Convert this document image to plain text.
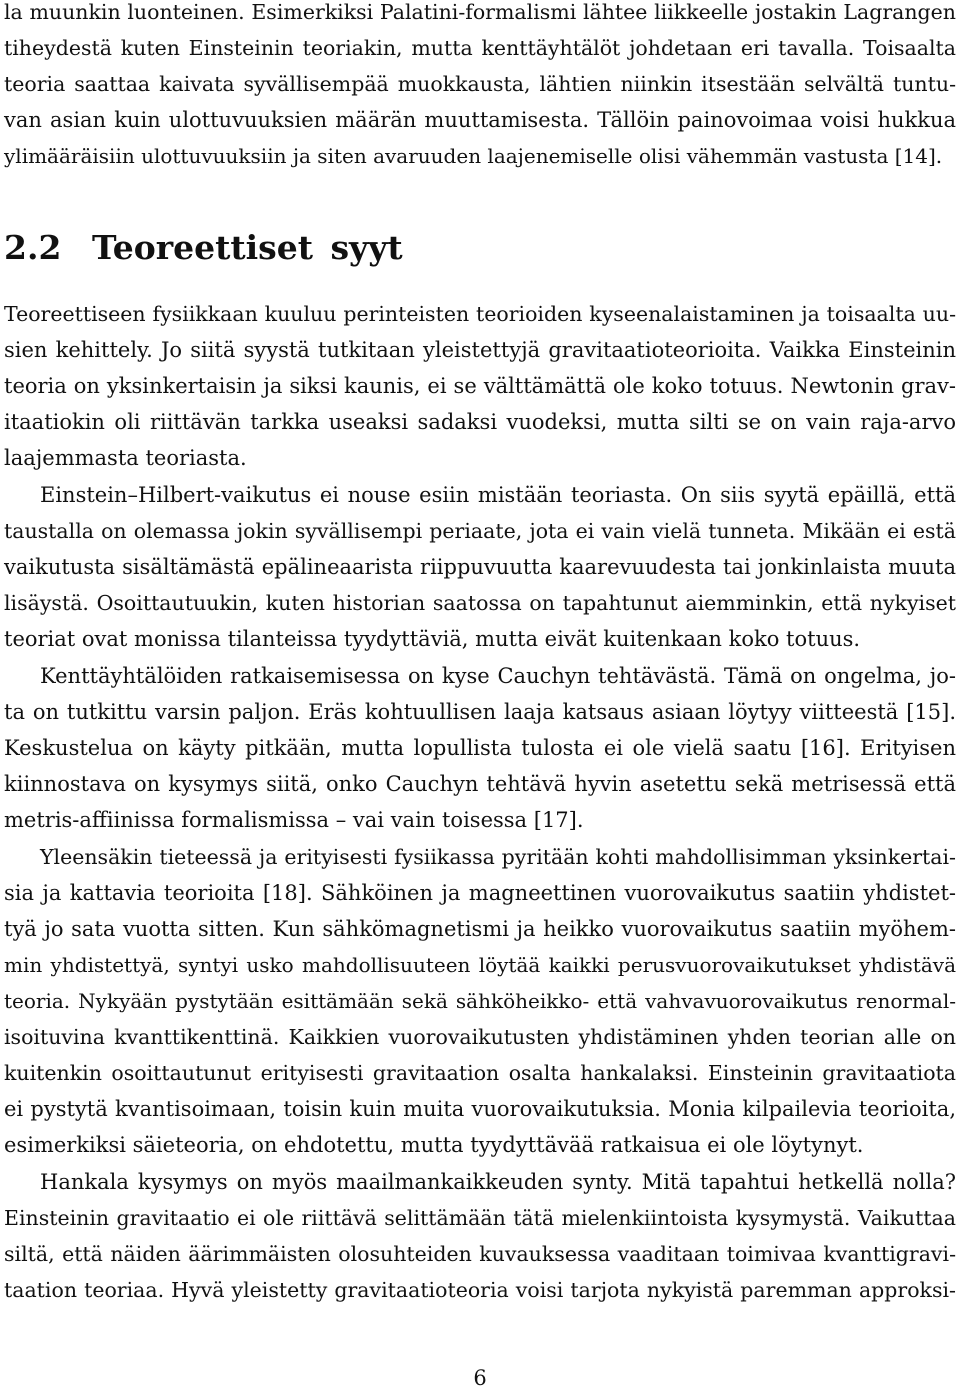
la muunkin luonteinen. Esimerkiksi Palatini-formalismi lähtee liikkeelle jostakin Lagrangen
tiheydestä kuten Einsteinin teoriakin, mutta kenttäyhtälöt johdetaan eri tavalla. Toisaalta
teoria saattaa kaivata syvällisempää muokkausta, lähtien niinkin itsestään selvältä tuntu-
van asian kuin ulottuvuuksien määrän muuttamisesta. Tällöin painovoimaa voisi hukkua
ylimääräisiin ulottuvuuksiin ja siten avaruuden laajenemiselle olisi vähemmän vastusta [14].
2.2 Teoreettiset syyt
Teoreettiseen fysiikkaan kuuluu perinteisten teorioiden kyseenalaistaminen ja toisaalta uu-
sien kehittely. Jo siitä syystä tutkitaan yleistettyjä gravitaatioteorioita. Vaikka Einsteinin
teoria on yksinkertaisin ja siksi kaunis, ei se välttämättä ole koko totuus. Newtonin grav-
itaatiokin oli riittävän tarkka useaksi sadaksi vuodeksi, mutta silti se on vain raja-arvo
laajemmasta teoriasta.
Einstein–Hilbert-vaikutus ei nouse esiin mistään teoriasta. On siis syytä epäillä, että
taustalla on olemassa jokin syvällisempi periaate, jota ei vain vielä tunneta. Mikään ei estä
vaikutusta sisältämästä epälineaarista riippuvuutta kaarevuudesta tai jonkinlaista muuta
lisäystä. Osoittautuukin, kuten historian saatossa on tapahtunut aiemminkin, että nykyiset
teoriat ovat monissa tilanteissa tyydyttäviä, mutta eivät kuitenkaan koko totuus.
Kenttäyhtälöiden ratkaisemisessa on kyse Cauchyn tehtävästä. Tämä on ongelma, jo-
ta on tutkittu varsin paljon. Eräs kohtuullisen laaja katsaus asiaan löytyy viitteestä [15].
Keskustelua on käyty pitkään, mutta lopullista tulosta ei ole vielä saatu [16]. Erityisen
kiinnostava on kysymys siitä, onko Cauchyn tehtävä hyvin asetettu sekä metrisessä että
metris-affiinissa formalismissa – vai vain toisessa [17].
Yleensäkin tieteessä ja erityisesti fysiikassa pyritään kohti mahdollisimman yksinkertai-
sia ja kattavia teorioita [18]. Sähköinen ja magneettinen vuorovaikutus saatiin yhdistet-
tyä jo sata vuotta sitten. Kun sähkömagnetismi ja heikko vuorovaikutus saatiin myöhem-
min yhdistettyä, syntyi usko mahdollisuuteen löytää kaikki perusvuorovaikutukset yhdistävä
teoria. Nykyään pystytään esittämään sekä sähköheikko- että vahvavuorovaikutus renormal-
isoituvina kvanttikenttinä. Kaikkien vuorovaikutusten yhdistäminen yhden teorian alle on
kuitenkin osoittautunut erityisesti gravitaation osalta hankalaksi. Einsteinin gravitaatiota
ei pystytä kvantisoimaan, toisin kuin muita vuorovaikutuksia. Monia kilpailevia teorioita,
esimerkiksi säieteoria, on ehdotettu, mutta tyydyttävää ratkaisua ei ole löytynyt.
Hankala kysymys on myös maailmankaikkeuden synty. Mitä tapahtui hetkellä nolla?
Einsteinin gravitaatio ei ole riittävä selittämään tätä mielenkiintoista kysymystä. Vaikuttaa
siltä, että näiden äärimmäisten olosuhteiden kuvauksessa vaaditaan toimivaa kvanttigravi-
taation teoriaa. Hyvä yleistetty gravitaatioteoria voisi tarjota nykyistä paremman approksi-
6
